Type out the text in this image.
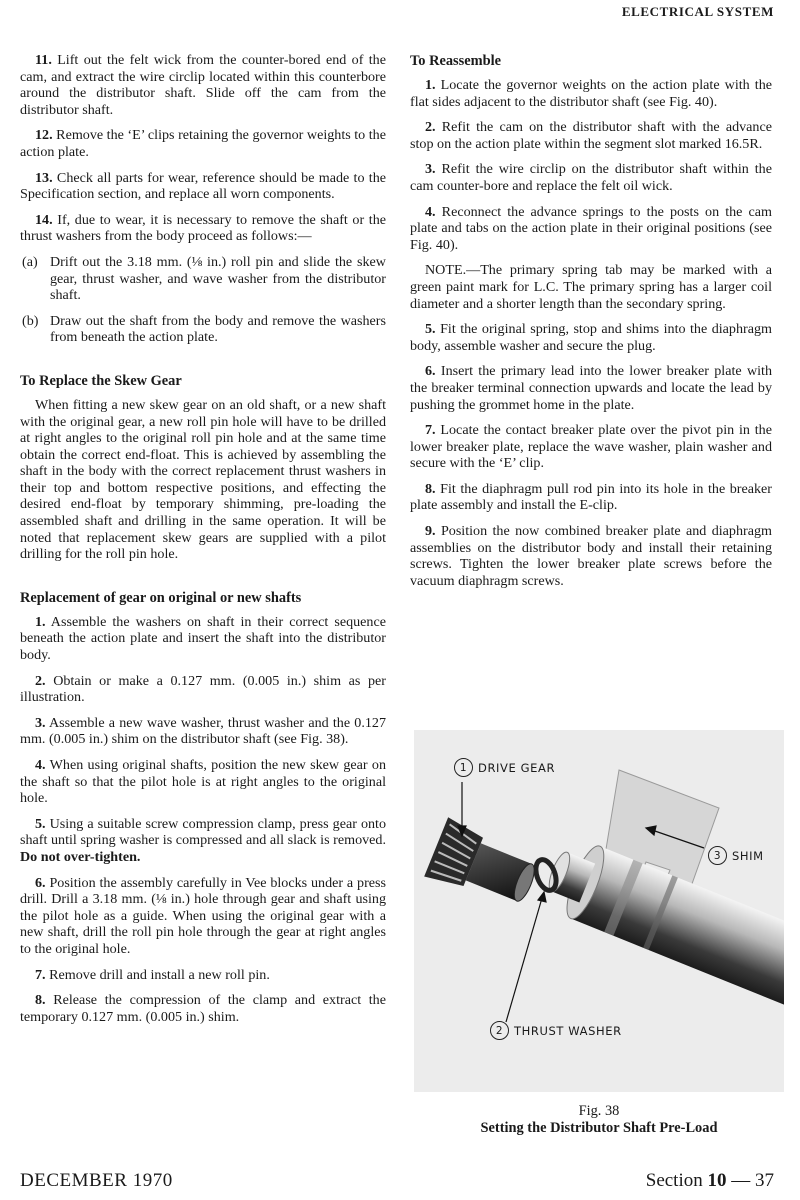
ELECTRICAL SYSTEM

11. Lift out the felt wick from the counter-bored end of the cam, and extract the wire circlip located within this counterbore around the distributor shaft. Slide off the cam from the distributor shaft.

12. Remove the ‘E’ clips retaining the governor weights to the action plate.

13. Check all parts for wear, reference should be made to the Specification section, and replace all worn components.

14. If, due to wear, it is necessary to remove the shaft or the thrust washers from the body proceed as follows:—

(a) Drift out the 3.18 mm. (⅛ in.) roll pin and slide the skew gear, thrust washer, and wave washer from the distributor shaft.
(b) Draw out the shaft from the body and remove the washers from beneath the action plate.
To Replace the Skew Gear

When fitting a new skew gear on an old shaft, or a new shaft with the original gear, a new roll pin hole will have to be drilled at right angles to the original roll pin hole and at the same time obtain the correct end-float. This is achieved by assembling the shaft in the body with the correct replacement thrust washers in their top and bottom respective positions, and effecting the desired end-float by temporary shimming, pre-loading the assembled shaft and drilling in the same operation. It will be noted that replacement skew gears are supplied with a pilot drilling for the roll pin hole.

Replacement of gear on original or new shafts

1. Assemble the washers on shaft in their correct sequence beneath the action plate and insert the shaft into the distributor body.

2. Obtain or make a 0.127 mm. (0.005 in.) shim as per illustration.

3. Assemble a new wave washer, thrust washer and the 0.127 mm. (0.005 in.) shim on the distributor shaft (see Fig. 38).

4. When using original shafts, position the new skew gear on the shaft so that the pilot hole is at right angles to the original hole.

5. Using a suitable screw compression clamp, press gear onto shaft until spring washer is compressed and all slack is removed. Do not over-tighten.

6. Position the assembly carefully in Vee blocks under a press drill. Drill a 3.18 mm. (⅛ in.) hole through gear and shaft using the pilot hole as a guide. When using the original gear with a new shaft, drill the roll pin hole through the gear at right angles to the original hole.

7. Remove drill and install a new roll pin.

8. Release the compression of the clamp and extract the temporary 0.127 mm. (0.005 in.) shim.

To Reassemble

1. Locate the governor weights on the action plate with the flat sides adjacent to the distributor shaft (see Fig. 40).

2. Refit the cam on the distributor shaft with the advance stop on the action plate within the segment slot marked 16.5R.

3. Refit the wire circlip on the distributor shaft within the cam counter-bore and replace the felt oil wick.

4. Reconnect the advance springs to the posts on the cam plate and tabs on the action plate in their original positions (see Fig. 40).

NOTE.—The primary spring tab may be marked with a green paint mark for L.C. The primary spring has a larger coil diameter and a shorter length than the secondary spring.

5. Fit the original spring, stop and shims into the diaphragm body, assemble washer and secure the plug.

6. Insert the primary lead into the lower breaker plate with the breaker terminal connection upwards and locate the lead by pushing the grommet home in the plate.

7. Locate the contact breaker plate over the pivot pin in the lower breaker plate, replace the wave washer, plain washer and secure with the ‘E’ clip.

8. Fit the diaphragm pull rod pin into its hole in the breaker plate assembly and install the E-clip.

9. Position the now combined breaker plate and diaphragm assemblies on the distributor body and install their retaining screws. Tighten the lower breaker plate screws before the vacuum diaphragm screws.

1 DRIVE GEAR
3 SHIM
2 THRUST WASHER
Fig. 38
Setting the Distributor Shaft Pre-Load
DECEMBER 1970	Section 10 — 37
